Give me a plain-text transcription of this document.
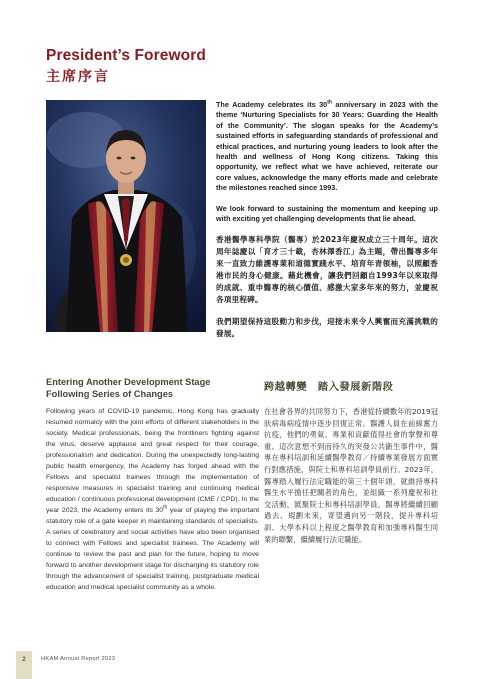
President’s Foreword
主席序言

The Academy celebrates its 30th anniversary in 2023 with the theme ‘Nurturing Specialists for 30 Years: Guarding the Health of the Community’. The slogan speaks for the Academy’s sustained efforts in safeguarding standards of professional and ethical practices, and nurturing young leaders to look after the health and wellness of Hong Kong citizens. Taking this opportunity, we reflect what we have achieved, reiterate our core values, acknowledge the many efforts made and celebrate the milestones reached since 1993.

We look forward to sustaining the momentum and keeping up with exciting yet challenging developments that lie ahead.

香港醫學專科學院（醫專）於2023年慶祝成立三十周年。這次周年誌慶以「育才三十載，杏林澤香江」為主題，帶出醫專多年來一直致力維護專業和道德實踐水平、培育年青領袖，以照顧香港市民的身心健康。藉此機會，讓我們回顧自1993年以來取得的成就、重申醫專的核心價值、感激大家多年來的努力，並慶祝各項里程碑。

我們期望保持這股動力和步伐，迎接未來令人興奮而充滿挑戰的發展。

Entering Another Development Stage Following Series of Changes
Following years of COVID-19 pandemic, Hong Kong has gradually resumed normalcy with the joint efforts of different stakeholders in the society. Medical professionals, being the frontliners fighting against the virus, deserve applause and great respect for their courage, professionalism and dedication. During the unexpectedly long-lasting public health emergency, the Academy has forged ahead with the Fellows and specialist trainees through the implementation of responsive measures in specialist training and continuing medical education / continuous professional development (CME / CPD). In the year 2023, the Academy enters its 30th year of playing the important statutory role of a gate keeper in maintaining standards of specialists. A series of celebratory and social activities have also been organised to connect with Fellows and specialist trainees. The Academy will continue to review the past and plan for the future, hoping to move forward to another development stage for discharging its statutory role through the advancement of specialist training, postgraduate medical education and medical specialist community as a whole.
跨越轉變　踏入發展新階段
在社會各界的共同努力下，香港從持續數年的2019冠狀病毒病疫情中逐步回復正常。醫護人員在前線奮力抗疫，他們的勇氣、專業和貢獻值得社會的掌聲和尊重。這次意想不到而持久的突發公共衞生事件中，醫專在專科培訓和延續醫學教育／持續專業發展方面實行對應措施，與院士和專科培訓學員前行。2023年，醫專踏入履行法定職能的第三十個年頭，就維持專科醫生水平擔任把關者的角色，並組織一系列慶祝和社交活動，匯聚院士和專科培訓學員。醫專將繼續回顧過去、規劃未來，寄望邁向另一階段，提升專科培訓、大學本科以上程度之醫學教育和加強專科醫生同業的聯繫，繼續履行法定職能。
2	HKAM Annual Report 2023
